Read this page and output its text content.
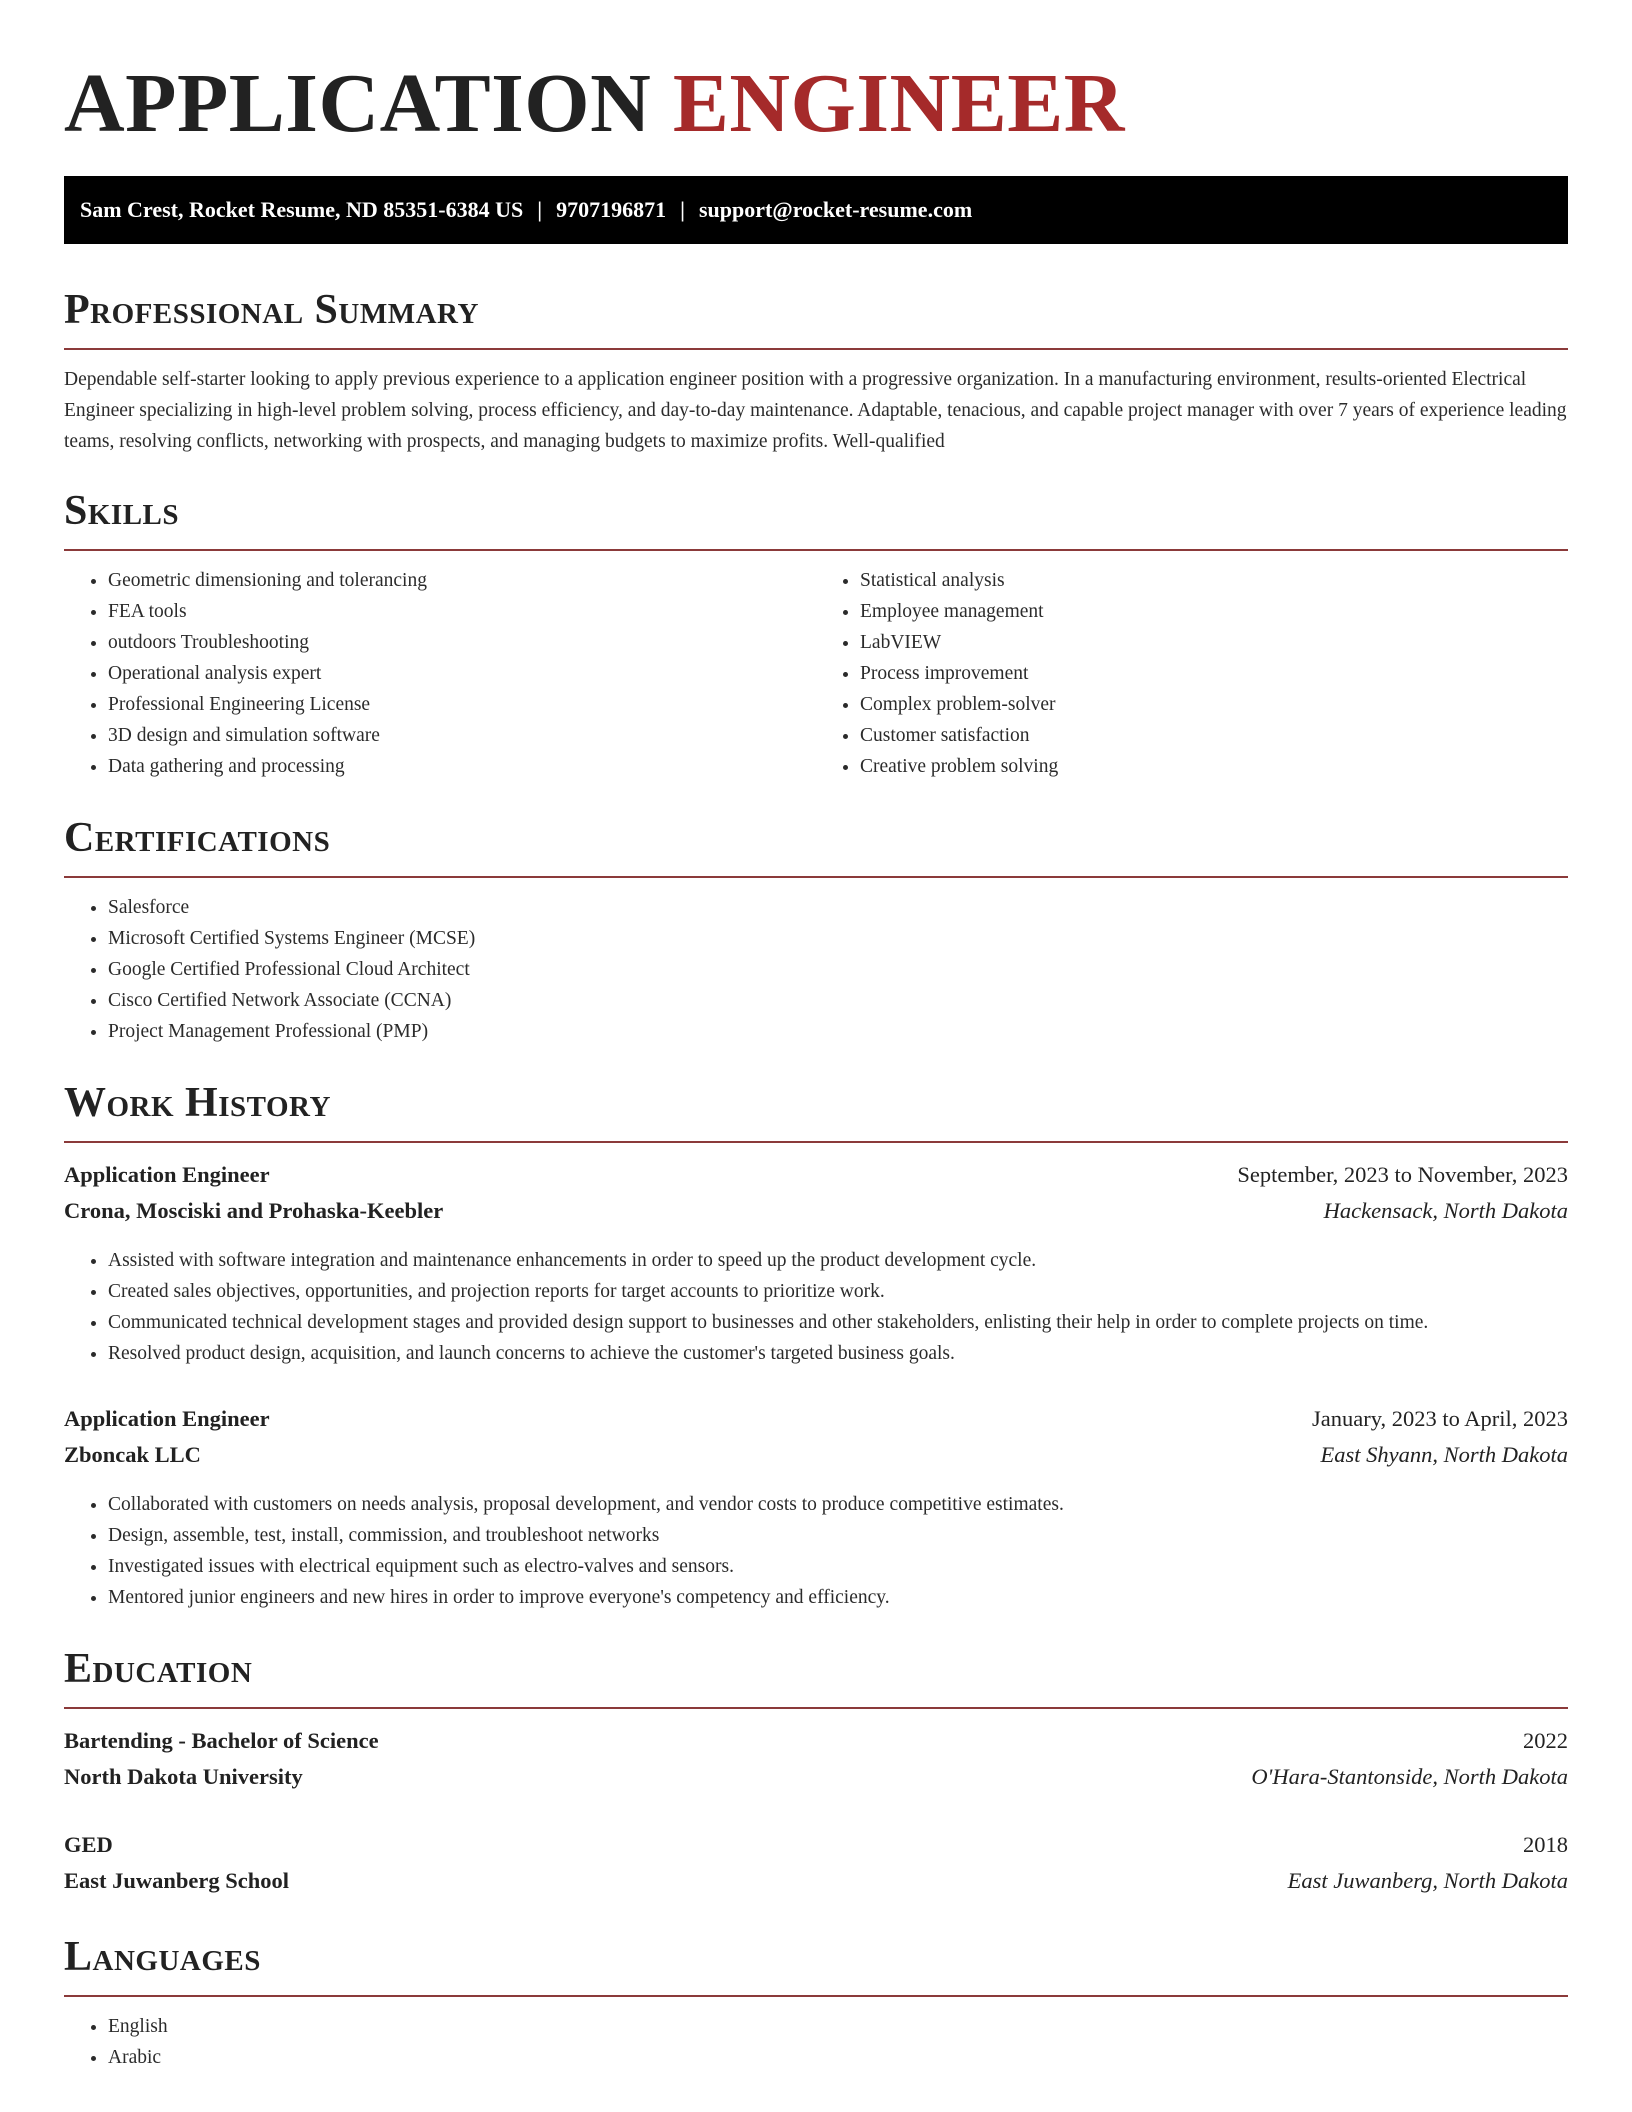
APPLICATION ENGINEER
Sam Crest, Rocket Resume, ND 85351-6384 US | 9707196871 | support@rocket-resume.com
Professional Summary

Dependable self-starter looking to apply previous experience to a application engineer position with a progressive organization. In a manufacturing environment, results-oriented Electrical Engineer specializing in high-level problem solving, process efficiency, and day-to-day maintenance. Adaptable, tenacious, and capable project manager with over 7 years of experience leading teams, resolving conflicts, networking with prospects, and managing budgets to maximize profits. Well-qualified

Skills
• Geometric dimensioning and tolerancing
• FEA tools
• outdoors Troubleshooting
• Operational analysis expert
• Professional Engineering License
• 3D design and simulation software
• Data gathering and processing
• Statistical analysis
• Employee management
• LabVIEW
• Process improvement
• Complex problem-solver
• Customer satisfaction
• Creative problem solving
Certifications
• Salesforce
• Microsoft Certified Systems Engineer (MCSE)
• Google Certified Professional Cloud Architect
• Cisco Certified Network Associate (CCNA)
• Project Management Professional (PMP)
Work History
Application Engineer	September, 2023 to November, 2023
Crona, Mosciski and Prohaska-Keebler	Hackensack, North Dakota
• Assisted with software integration and maintenance enhancements in order to speed up the product development cycle.
• Created sales objectives, opportunities, and projection reports for target accounts to prioritize work.
• Communicated technical development stages and provided design support to businesses and other stakeholders, enlisting their help in order to complete projects on time.
• Resolved product design, acquisition, and launch concerns to achieve the customer's targeted business goals.
Application Engineer	January, 2023 to April, 2023
Zboncak LLC	East Shyann, North Dakota
• Collaborated with customers on needs analysis, proposal development, and vendor costs to produce competitive estimates.
• Design, assemble, test, install, commission, and troubleshoot networks
• Investigated issues with electrical equipment such as electro-valves and sensors.
• Mentored junior engineers and new hires in order to improve everyone's competency and efficiency.
Education
Bartending - Bachelor of Science	2022
North Dakota University	O'Hara-Stantonside, North Dakota
GED	2018
East Juwanberg School	East Juwanberg, North Dakota
Languages
• English
• Arabic
